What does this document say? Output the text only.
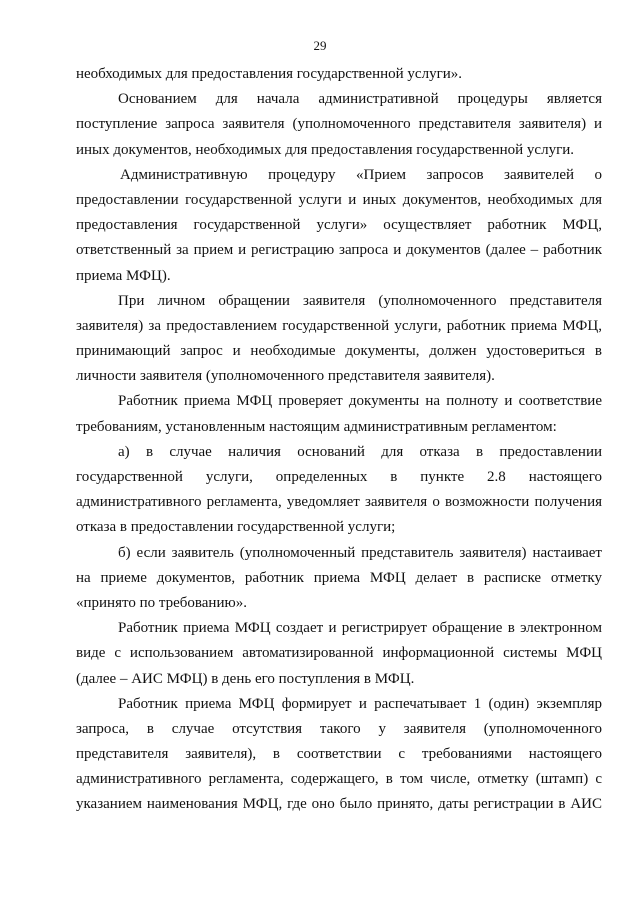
29
необходимых для предоставления государственной услуги».
Основанием для начала административной процедуры является
поступление запроса заявителя (уполномоченного представителя заявителя) и
иных документов, необходимых для предоставления государственной услуги.
Административную процедуру «Прием запросов заявителей о
предоставлении государственной услуги и иных документов, необходимых для
предоставления государственной услуги» осуществляет работник МФЦ,
ответственный за прием и регистрацию запроса и документов (далее – работник
приема МФЦ).
При личном обращении заявителя (уполномоченного представителя
заявителя) за предоставлением государственной услуги, работник приема МФЦ,
принимающий запрос и необходимые документы, должен удостовериться в
личности заявителя (уполномоченного представителя заявителя).
Работник приема МФЦ проверяет документы на полноту и соответствие
требованиям, установленным настоящим административным регламентом:
а) в случае наличия оснований для отказа в предоставлении
государственной услуги, определенных в пункте 2.8 настоящего
административного регламента, уведомляет заявителя о возможности получения
отказа в предоставлении государственной услуги;
б) если заявитель (уполномоченный представитель заявителя) настаивает
на приеме документов, работник приема МФЦ делает в расписке отметку
«принято по требованию».
Работник приема МФЦ создает и регистрирует обращение в электронном
виде с использованием автоматизированной информационной системы МФЦ
(далее – АИС МФЦ) в день его поступления в МФЦ.
Работник приема МФЦ формирует и распечатывает 1 (один) экземпляр
запроса, в случае отсутствия такого у заявителя (уполномоченного
представителя заявителя), в соответствии с требованиями настоящего
административного регламента, содержащего, в том числе, отметку (штамп) с
указанием наименования МФЦ, где оно было принято, даты регистрации в АИС
